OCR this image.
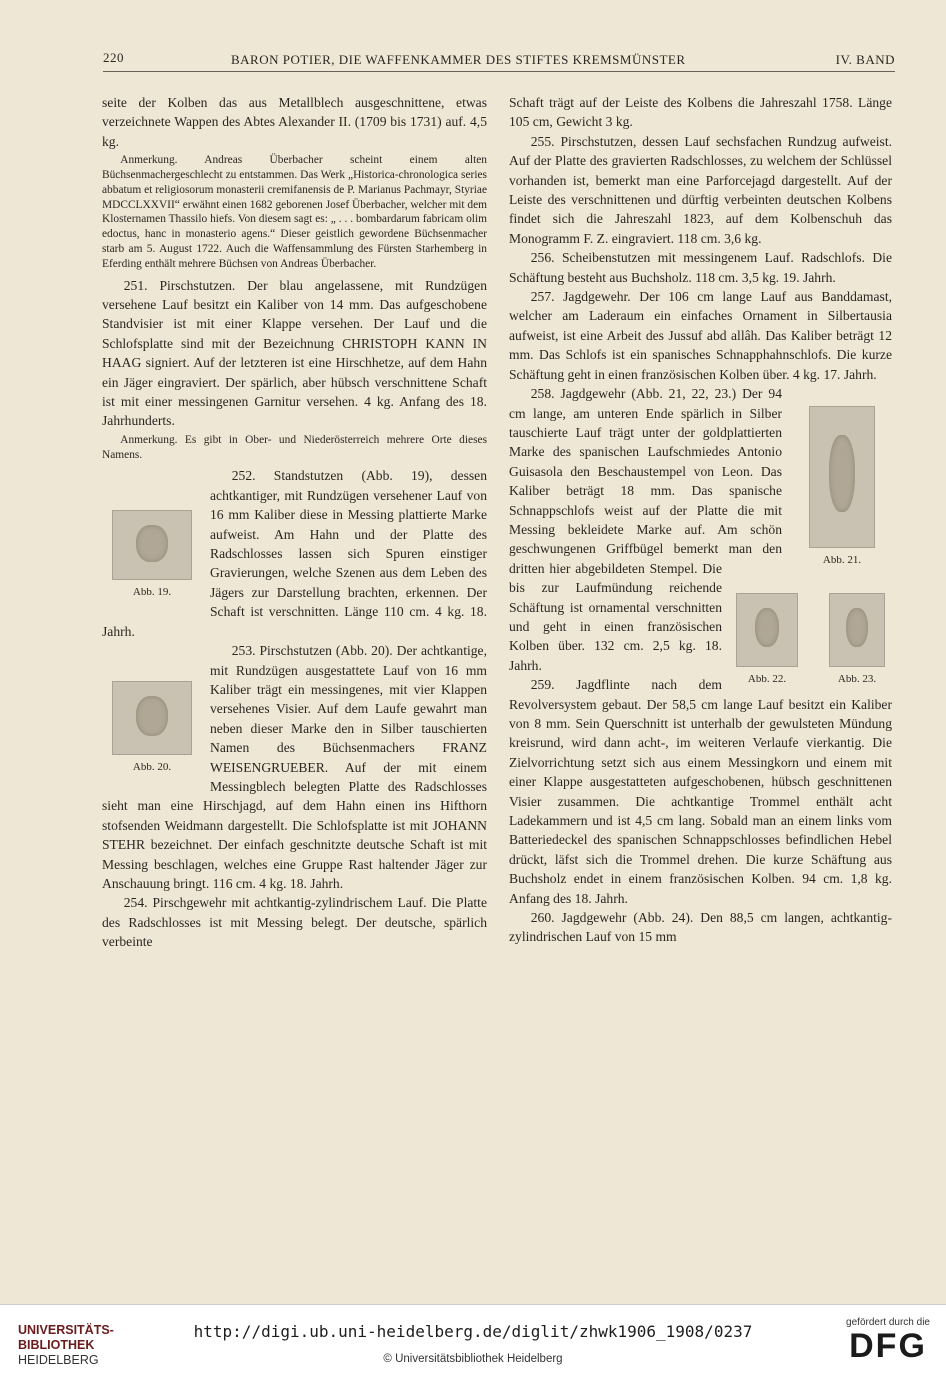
220	BARON POTIER, DIE WAFFENKAMMER DES STIFTES KREMSMÜNSTER	IV. BAND

seite der Kolben das aus Metallblech ausgeschnittene, etwas verzeichnete Wappen des Abtes Alexander II. (1709 bis 1731) auf. 4,5 kg.

Anmerkung. Andreas Überbacher scheint einem alten Büchsenmachergeschlecht zu entstammen. Das Werk „Historica-chronologica series abbatum et religiosorum monasterii cremifanensis de P. Marianus Pachmayr, Styriae MDCCLXXVII“ erwähnt einen 1682 geborenen Josef Überbacher, welcher mit dem Klosternamen Thassilo hiefs. Von diesem sagt es: „ . . . bombardarum fabricam olim edoctus, hanc in monasterio agens.“ Dieser geistlich gewordene Büchsenmacher starb am 5. August 1722. Auch die Waffensammlung des Fürsten Starhemberg in Eferding enthält mehrere Büchsen von Andreas Überbacher.

251. Pirschstutzen. Der blau angelassene, mit Rundzügen versehene Lauf besitzt ein Kaliber von 14 mm. Das aufgeschobene Standvisier ist mit einer Klappe versehen. Der Lauf und die Schlofsplatte sind mit der Bezeichnung CHRISTOPH KANN IN HAAG signiert. Auf der letzteren ist eine Hirschhetze, auf dem Hahn ein Jäger eingraviert. Der spärlich, aber hübsch verschnittene Schaft ist mit einer messingenen Garnitur versehen. 4 kg. Anfang des 18. Jahrhunderts.

Anmerkung. Es gibt in Ober- und Niederösterreich mehrere Orte dieses Namens.

Abb. 19.

252. Standstutzen (Abb. 19), dessen achtkantiger, mit Rundzügen versehener Lauf von 16 mm Kaliber diese in Messing plattierte Marke aufweist. Am Hahn und der Platte des Radschlosses lassen sich Spuren einstiger Gravierungen, welche Szenen aus dem Leben des Jägers zur Darstellung brachten, erkennen. Der Schaft ist verschnitten. Länge 110 cm. 4 kg. 18. Jahrh.

Abb. 20.

253. Pirschstutzen (Abb. 20). Der achtkantige, mit Rundzügen ausgestattete Lauf von 16 mm Kaliber trägt ein messingenes, mit vier Klappen versehenes Visier. Auf dem Laufe gewahrt man neben dieser Marke den in Silber tauschierten Namen des Büchsenmachers FRANZ WEISENGRUEBER. Auf der mit einem Messingblech belegten Platte des Radschlosses sieht man eine Hirschjagd, auf dem Hahn einen ins Hifthorn stofsenden Weidmann dargestellt. Die Schlofsplatte ist mit JOHANN STEHR bezeichnet. Der einfach geschnitzte deutsche Schaft ist mit Messing beschlagen, welches eine Gruppe Rast haltender Jäger zur Anschauung bringt. 116 cm. 4 kg. 18. Jahrh.

254. Pirschgewehr mit achtkantig-zylindrischem Lauf. Die Platte des Radschlosses ist mit Messing belegt. Der deutsche, spärlich verbeinte

Schaft trägt auf der Leiste des Kolbens die Jahreszahl 1758. Länge 105 cm, Gewicht 3 kg.

255. Pirschstutzen, dessen Lauf sechsfachen Rundzug aufweist. Auf der Platte des gravierten Radschlosses, zu welchem der Schlüssel vorhanden ist, bemerkt man eine Parforcejagd dargestellt. Auf der Leiste des verschnittenen und dürftig verbeinten deutschen Kolbens findet sich die Jahreszahl 1823, auf dem Kolbenschuh das Monogramm F. Z. eingraviert. 118 cm. 3,6 kg.

256. Scheibenstutzen mit messingenem Lauf. Radschlofs. Die Schäftung besteht aus Buchsholz. 118 cm. 3,5 kg. 19. Jahrh.

257. Jagdgewehr. Der 106 cm lange Lauf aus Banddamast, welcher am Laderaum ein einfaches Ornament in Silbertausia aufweist, ist eine Arbeit des Jussuf abd allâh. Das Kaliber beträgt 12 mm. Das Schlofs ist ein spanisches Schnapphahnschlofs. Die kurze Schäftung geht in einen französischen Kolben über. 4 kg. 17. Jahrh.

Abb. 21.
Abb. 22.	Abb. 23.

258. Jagdgewehr (Abb. 21, 22, 23.) Der 94 cm lange, am unteren Ende spärlich in Silber tauschierte Lauf trägt unter der goldplattierten Marke des spanischen Laufschmiedes Antonio Guisasola den Beschaustempel von Leon. Das Kaliber beträgt 18 mm. Das spanische Schnappschlofs weist auf der Platte die mit Messing bekleidete Marke auf. Am schön geschwungenen Griffbügel bemerkt man den dritten hier abgebildeten Stempel. Die bis zur Laufmündung reichende Schäftung ist ornamental verschnitten und geht in einen französischen Kolben über. 132 cm. 2,5 kg. 18. Jahrh.

259. Jagdflinte nach dem Revolversystem gebaut. Der 58,5 cm lange Lauf besitzt ein Kaliber von 8 mm. Sein Querschnitt ist unterhalb der gewulsteten Mündung kreisrund, wird dann acht-, im weiteren Verlaufe vierkantig. Die Zielvorrichtung setzt sich aus einem Messingkorn und einem mit einer Klappe ausgestatteten aufgeschobenen, hübsch geschnittenen Visier zusammen. Die achtkantige Trommel enthält acht Ladekammern und ist 4,5 cm lang. Sobald man an einem links vom Batteriedeckel des spanischen Schnappschlosses befindlichen Hebel drückt, läfst sich die Trommel drehen. Die kurze Schäftung aus Buchsholz endet in einem französischen Kolben. 94 cm. 1,8 kg. Anfang des 18. Jahrh.

260. Jagdgewehr (Abb. 24). Den 88,5 cm langen, achtkantig-zylindrischen Lauf von 15 mm

UNIVERSITÄTS-
BIBLIOTHEK
HEIDELBERG
http://digi.ub.uni-heidelberg.de/diglit/zhwk1906_1908/0237
© Universitätsbibliothek Heidelberg
gefördert durch die
DFG
